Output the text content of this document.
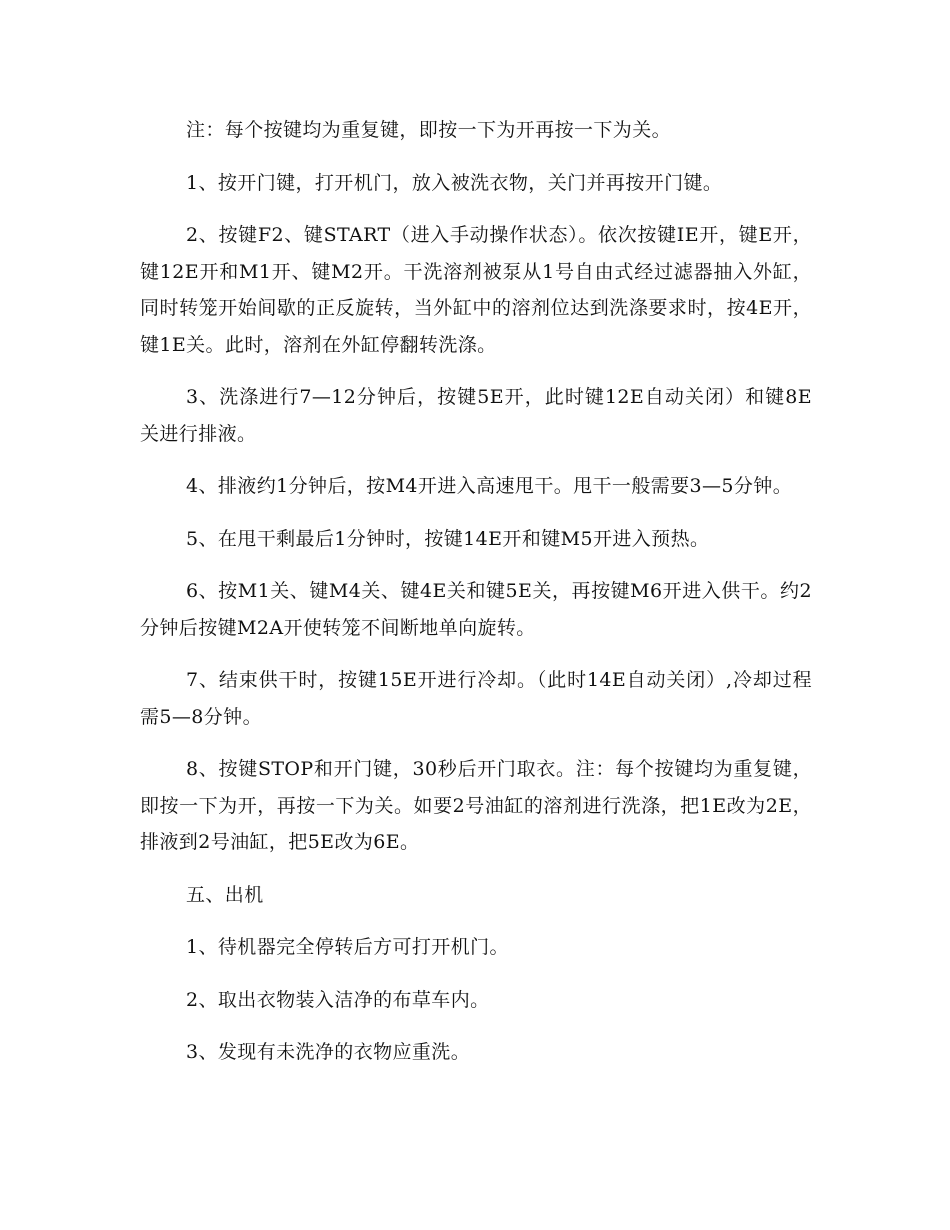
注：每个按键均为重复键，即按一下为开再按一下为关。

1、按开门键，打开机门，放入被洗衣物，关门并再按开门键。

2、按键F2、键START（进入手动操作状态）。依次按键IE开，键E开， 键12E开和M1开、键M2开。干洗溶剂被泵从1号自由式经过滤器抽入外缸， 同时转笼开始间歇的正反旋转，当外缸中的溶剂位达到洗涤要求时，按4E开， 键1E关。此时，溶剂在外缸停翻转洗涤。

3、洗涤进行7—12分钟后，按键5E开，此时键12E自动关闭）和键8E关进行排液。

4、排液约1分钟后，按M4开进入高速甩干。甩干一般需要3—5分钟。

5、在甩干剩最后1分钟时，按键14E开和键M5开进入预热。

6、按M1关、键M4关、键4E关和键5E关，再按键M6开进入供干。约2分钟后按键M2A开使转笼不间断地单向旋转。

7、结束供干时，按键15E开进行冷却。（此时14E自动关闭）,冷却过程需5—8分钟。

8、按键STOP和开门键，30秒后开门取衣。注：每个按键均为重复键， 即按一下为开，再按一下为关。如要2号油缸的溶剂进行洗涤，把1E改为2E， 排液到2号油缸，把5E改为6E。

五、出机

1、待机器完全停转后方可打开机门。

2、取出衣物装入洁净的布草车内。

3、发现有未洗净的衣物应重洗。
